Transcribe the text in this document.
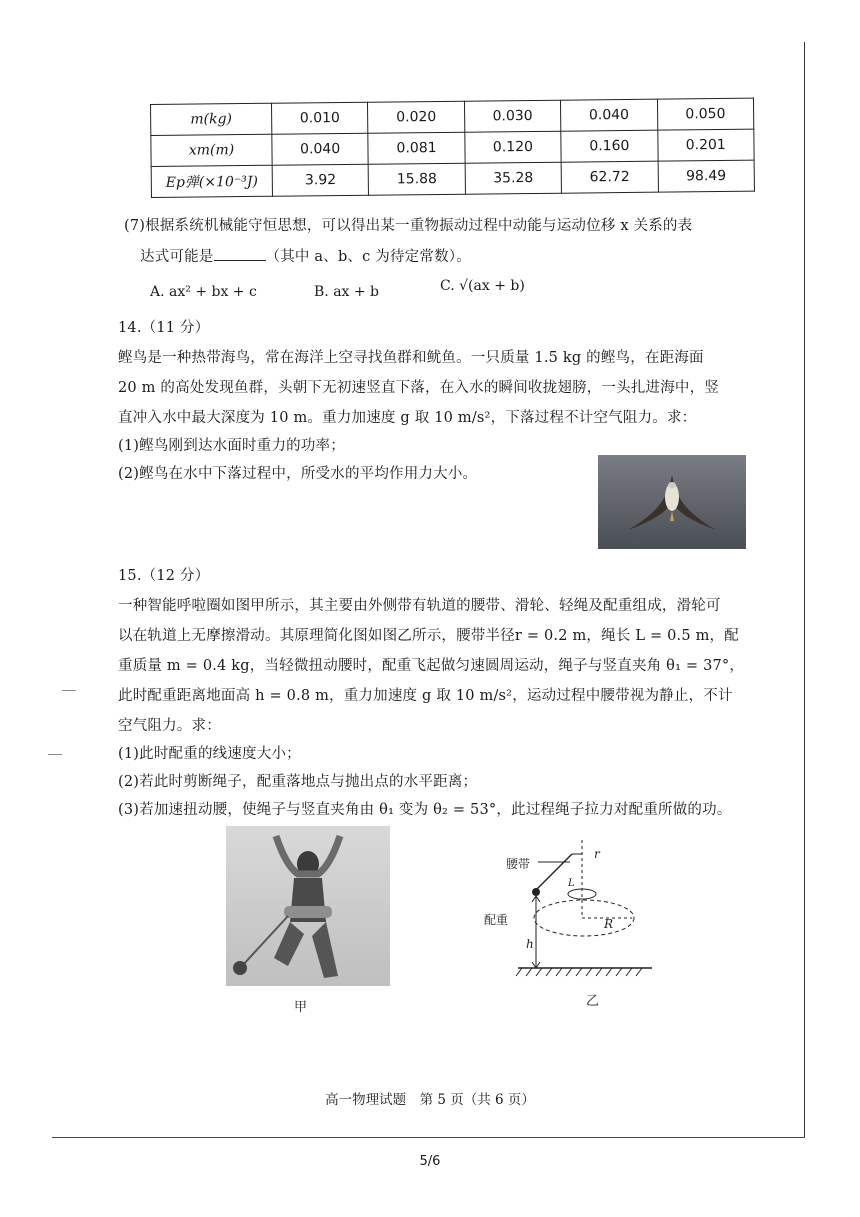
m(kg)	0.010	0.020	0.030	0.040	0.050
xm(m)	0.040	0.081	0.120	0.160	0.201
Ep弹(×10⁻³J)	3.92	15.88	35.28	62.72	98.49
(7)根据系统机械能守恒思想，可以得出某一重物振动过程中动能与运动位移 x 关系的表
达式可能是	（其中 a、b、c 为待定常数）。
A. ax² + bx + c	B. ax + b	C. √(ax + b)
14.（11 分）
鲣鸟是一种热带海鸟，常在海洋上空寻找鱼群和鱿鱼。一只质量 1.5 kg 的鲣鸟，在距海面
20 m 的高处发现鱼群，头朝下无初速竖直下落，在入水的瞬间收拢翅膀，一头扎进海中，竖
直冲入水中最大深度为 10 m。重力加速度 g 取 10 m/s²，下落过程不计空气阻力。求：
(1)鲣鸟刚到达水面时重力的功率；
(2)鲣鸟在水中下落过程中，所受水的平均作用力大小。
15.（12 分）
一种智能呼啦圈如图甲所示，其主要由外侧带有轨道的腰带、滑轮、轻绳及配重组成，滑轮可
以在轨道上无摩擦滑动。其原理简化图如图乙所示，腰带半径r = 0.2 m，绳长 L = 0.5 m，配
重质量 m = 0.4 kg，当轻微扭动腰时，配重飞起做匀速圆周运动，绳子与竖直夹角 θ₁ = 37°，
此时配重距离地面高 h = 0.8 m，重力加速度 g 取 10 m/s²，运动过程中腰带视为静止，不计
空气阻力。求：
(1)此时配重的线速度大小；
(2)若此时剪断绳子，配重落地点与抛出点的水平距离；
(3)若加速扭动腰，使绳子与竖直夹角由 θ₁ 变为 θ₂ = 53°，此过程绳子拉力对配重所做的功。
甲
腰带
配重
r
L
R
h
乙
高一物理试题　第 5 页（共 6 页）
5/6
